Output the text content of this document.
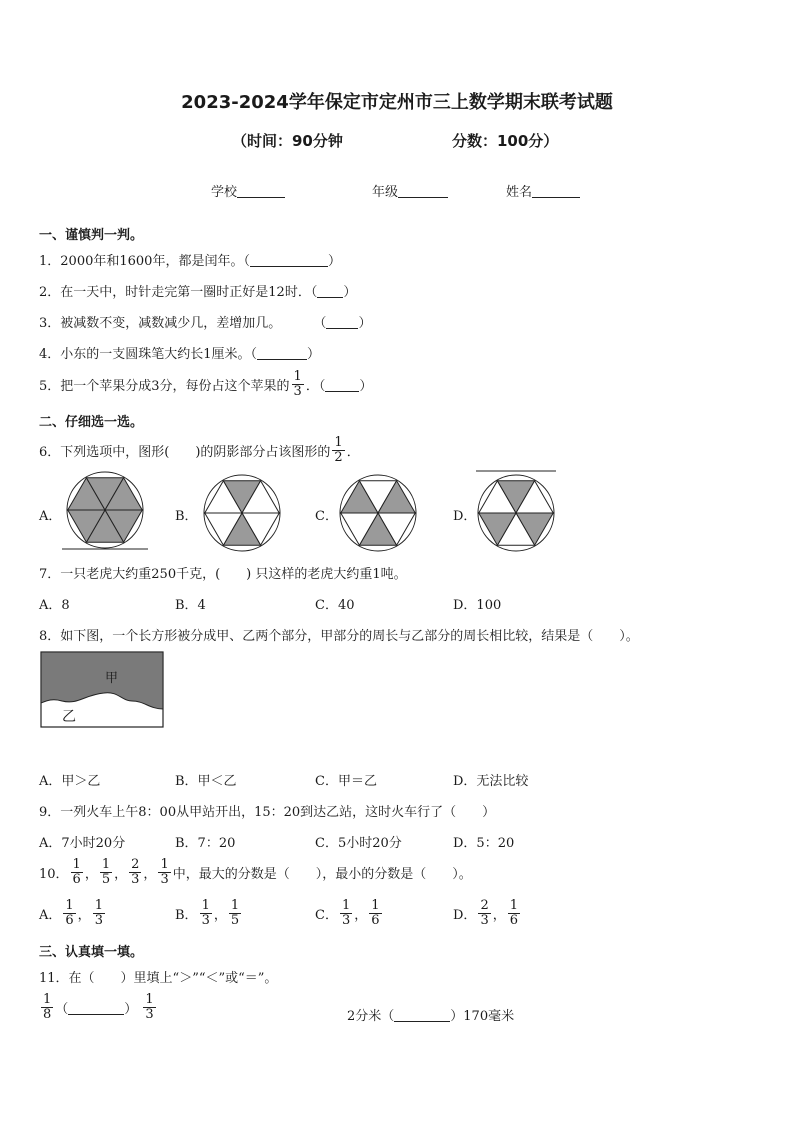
2023-2024学年保定市定州市三上数学期末联考试题
（时间：90分钟	分数：100分）
学校	年级	姓名
一、谨慎判一判。
1．2000年和1600年，都是闰年。（	）
2．在一天中，时针走完第一圈时正好是12时．（ ）
3．被减数不变，减数减少几，差增加几。 （ ）
4．小东的一支圆珠笔大约长1厘米。（	）
5．把一个苹果分成3分，每份占这个苹果的 $\frac{1}{3}$ ．（	）
二、仔细选一选。
6．下列选项中，图形(　　)的阴影部分占该图形的 $\frac{1}{2}$ ．
A．	B．	C．	D．
7．一只老虎大约重250千克，(　　) 只这样的老虎大约重1吨。
A．8	B．4	C．40	D．100
8．如下图，一个长方形被分成甲、乙两个部分，甲部分的周长与乙部分的周长相比较，结果是（　　）。
甲
乙
A．甲＞乙	B．甲＜乙	C．甲＝乙	D．无法比较
9．一列火车上午8：00从甲站开出，15：20到达乙站，这时火车行了（　　）
A．7小时20分	B．7：20	C．5小时20分	D．5：20
10． $\frac{1}{6}$ ， $\frac{1}{5}$ ， $\frac{2}{3}$ ， $\frac{1}{3}$ 中，最大的分数是（　　），最小的分数是（　　）。
A． $\frac{1}{6}$ ， $\frac{1}{3}$	B． $\frac{1}{3}$ ， $\frac{1}{5}$	C． $\frac{1}{3}$ ， $\frac{1}{6}$	D． $\frac{2}{3}$ ， $\frac{1}{6}$
三、认真填一填。
11．在（　　）里填上“＞”“＜”或“＝”。
$\frac{1}{8}$ （	） $\frac{1}{3}$	2分米（	）170毫米
